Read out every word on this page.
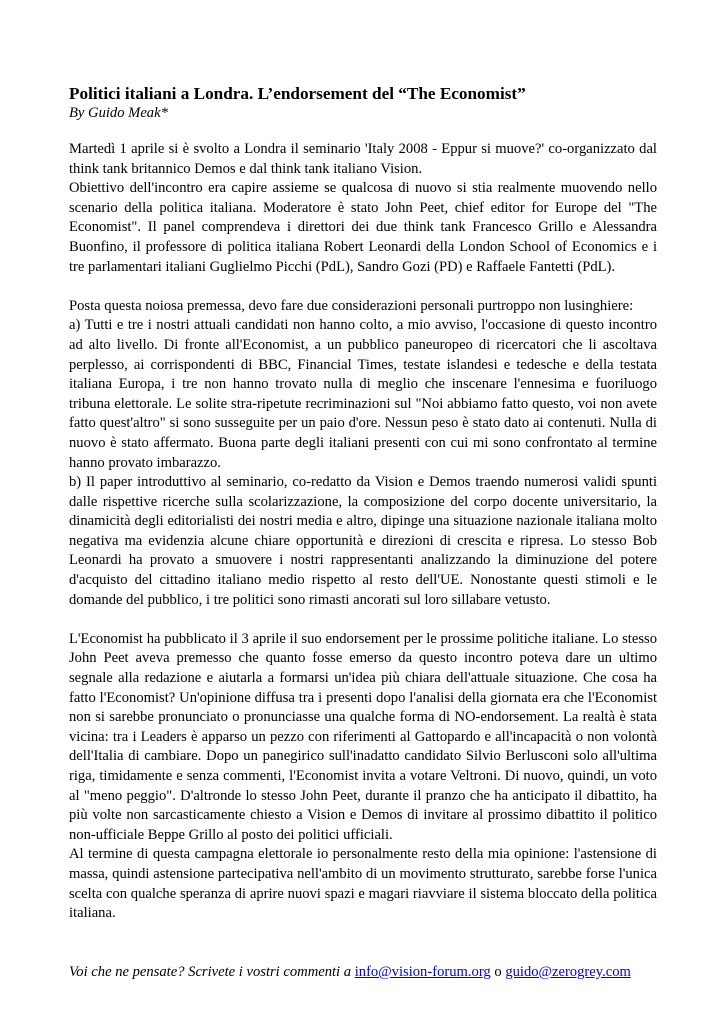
Politici italiani a Londra. L’endorsement del “The Economist”
By Guido Meak*

Martedì 1 aprile si è svolto a Londra il seminario 'Italy 2008 - Eppur si muove?' co-organizzato dal think tank britannico Demos e dal think tank italiano Vision.

Obiettivo dell'incontro era capire assieme se qualcosa di nuovo si stia realmente muovendo nello scenario della politica italiana. Moderatore è stato John Peet, chief editor for Europe del "The Economist". Il panel comprendeva i direttori dei due think tank Francesco Grillo e Alessandra Buonfino, il professore di politica italiana Robert Leonardi della London School of Economics e i tre parlamentari italiani Guglielmo Picchi (PdL), Sandro Gozi (PD) e Raffaele Fantetti (PdL).

Posta questa noiosa premessa, devo fare due considerazioni personali purtroppo non lusinghiere:

a) Tutti e tre i nostri attuali candidati non hanno colto, a mio avviso, l'occasione di questo incontro ad alto livello. Di fronte all'Economist, a un pubblico paneuropeo di ricercatori che li ascoltava perplesso, ai corrispondenti di BBC, Financial Times, testate islandesi e tedesche e della testata italiana Europa, i tre non hanno trovato nulla di meglio che inscenare l'ennesima e fuoriluogo tribuna elettorale. Le solite stra-ripetute recriminazioni sul "Noi abbiamo fatto questo, voi non avete fatto quest'altro" si sono susseguite per un paio d'ore. Nessun peso è stato dato ai contenuti. Nulla di nuovo è stato affermato. Buona parte degli italiani presenti con cui mi sono confrontato al termine hanno provato imbarazzo.

b) Il paper introduttivo al seminario, co-redatto da Vision e Demos traendo numerosi validi spunti dalle rispettive ricerche sulla scolarizzazione, la composizione del corpo docente universitario, la dinamicità degli editorialisti dei nostri media e altro, dipinge una situazione nazionale italiana molto negativa ma evidenzia alcune chiare opportunità e direzioni di crescita e ripresa. Lo stesso Bob Leonardi ha provato a smuovere i nostri rappresentanti analizzando la diminuzione del potere d'acquisto del cittadino italiano medio rispetto al resto dell'UE. Nonostante questi stimoli e le domande del pubblico, i tre politici sono rimasti ancorati sul loro sillabare vetusto.

L'Economist ha pubblicato il 3 aprile il suo endorsement per le prossime politiche italiane. Lo stesso John Peet aveva premesso che quanto fosse emerso da questo incontro poteva dare un ultimo segnale alla redazione e aiutarla a formarsi un'idea più chiara dell'attuale situazione. Che cosa ha fatto l'Economist? Un'opinione diffusa tra i presenti dopo l'analisi della giornata era che l'Economist non si sarebbe pronunciato o pronunciasse una qualche forma di NO-endorsement. La realtà è stata vicina: tra i Leaders è apparso un pezzo con riferimenti al Gattopardo e all'incapacità o non volontà dell'Italia di cambiare. Dopo un panegirico sull'inadatto candidato Silvio Berlusconi solo all'ultima riga, timidamente e senza commenti, l'Economist invita a votare Veltroni. Di nuovo, quindi, un voto al "meno peggio". D'altronde lo stesso John Peet, durante il pranzo che ha anticipato il dibattito, ha più volte non sarcasticamente chiesto a Vision e Demos di invitare al prossimo dibattito il politico non-ufficiale Beppe Grillo al posto dei politici ufficiali.

Al termine di questa campagna elettorale io personalmente resto della mia opinione: l'astensione di massa, quindi astensione partecipativa nell'ambito di un movimento strutturato, sarebbe forse l'unica scelta con qualche speranza di aprire nuovi spazi e magari riavviare il sistema bloccato della politica italiana.

Voi che ne pensate? Scrivete i vostri commenti a info@vision-forum.org o guido@zerogrey.com
